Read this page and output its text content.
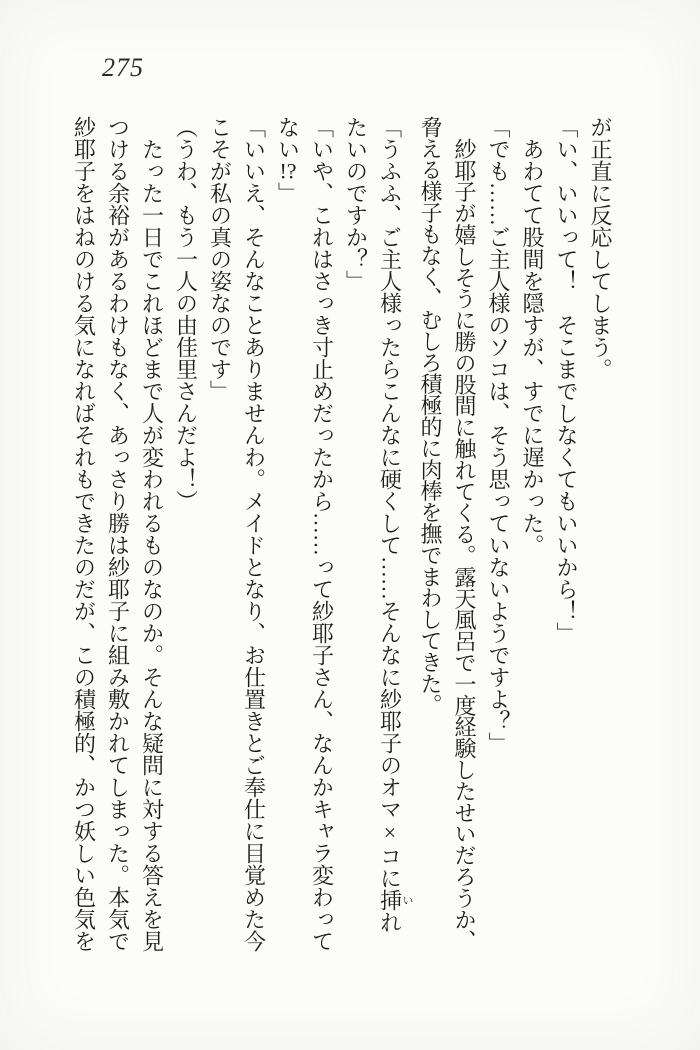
275

が正直に反応してしまう。

「い、いいって！　そこまでしなくてもいいから！」

あわてて股間を隠すが、すでに遅かった。

「でも……ご主人様のソコは、そう思っていないようですよ？」

紗耶子が嬉しそうに勝の股間に触れてくる。露天風呂で一度経験したせいだろうか、脅える様子もなく、むしろ積極的に肉棒を撫でまわしてきた。

「うふふ、ご主人様ったらこんなに硬くして……そんなに紗耶子のオマ×コに挿いれたいのですか？」

「いや、これはさっき寸止めだったから……って紗耶子さん、なんかキャラ変わってない!?」

「いいえ、そんなことありませんわ。メイドとなり、お仕置きとご奉仕に目覚めた今こそが私の真の姿なのです」

（うわ、もう一人の由佳里さんだよ！）

たった一日でこれほどまで人が変われるものなのか。そんな疑問に対する答えを見つける余裕があるわけもなく、あっさり勝は紗耶子に組み敷かれてしまった。本気で紗耶子をはねのける気になればそれもできたのだが、この積極的、かつ妖しい色気を
